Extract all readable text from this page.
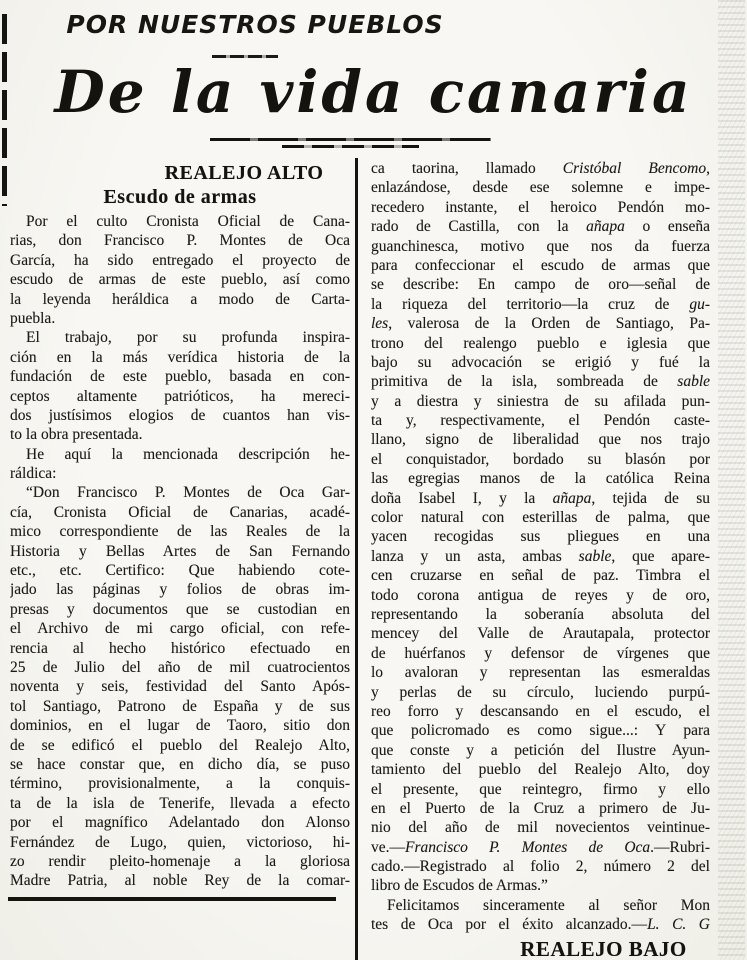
POR NUESTROS PUEBLOS
De la vida canaria
REALEJO ALTO
Escudo de armas
Por el culto Cronista Oficial de Cana-
rias, don Francisco P. Montes de Oca
García, ha sido entregado el proyecto de
escudo de armas de este pueblo, así como
la leyenda heráldica a modo de Carta-
puebla.
El trabajo, por su profunda inspira-
ción en la más verídica historia de la
fundación de este pueblo, basada en con-
ceptos altamente patrióticos, ha mereci-
dos justísimos elogios de cuantos han vis-
to la obra presentada.
He aquí la mencionada descripción he-
ráldica:
“Don Francisco P. Montes de Oca Gar-
cía, Cronista Oficial de Canarias, acadé-
mico correspondiente de las Reales de la
Historia y Bellas Artes de San Fernando
etc., etc. Certifico: Que habiendo cote-
jado las páginas y folios de obras im-
presas y documentos que se custodian en
el Archivo de mi cargo oficial, con refe-
rencia al hecho histórico efectuado en
25 de Julio del año de mil cuatrocientos
noventa y seis, festividad del Santo Após-
tol Santiago, Patrono de España y de sus
dominios, en el lugar de Taoro, sitio don
de se edificó el pueblo del Realejo Alto,
se hace constar que, en dicho día, se puso
término, provisionalmente, a la conquis-
ta de la isla de Tenerife, llevada a efecto
por el magnífico Adelantado don Alonso
Fernández de Lugo, quien, victorioso, hi-
zo rendir pleito-homenaje a la gloriosa
Madre Patria, al noble Rey de la comar-
ca taorina, llamado Cristóbal Bencomo,
enlazándose, desde ese solemne e impe-
recedero instante, el heroico Pendón mo-
rado de Castilla, con la añapa o enseña
guanchinesca, motivo que nos da fuerza
para confeccionar el escudo de armas que
se describe: En campo de oro—señal de
la riqueza del territorio—la cruz de gu-
les, valerosa de la Orden de Santiago, Pa-
trono del realengo pueblo e iglesia que
bajo su advocación se erigió y fué la
primitiva de la isla, sombreada de sable
y a diestra y siniestra de su afilada pun-
ta y, respectivamente, el Pendón caste-
llano, signo de liberalidad que nos trajo
el conquistador, bordado su blasón por
las egregias manos de la católica Reina
doña Isabel I, y la añapa, tejida de su
color natural con esterillas de palma, que
yacen recogidas sus pliegues en una
lanza y un asta, ambas sable, que apare-
cen cruzarse en señal de paz. Timbra el
todo corona antigua de reyes y de oro,
representando la soberanía absoluta del
mencey del Valle de Arautapala, protector
de huérfanos y defensor de vírgenes que
lo avaloran y representan las esmeraldas
y perlas de su círculo, luciendo purpú-
reo forro y descansando en el escudo, el
que policromado es como sigue...: Y para
que conste y a petición del Ilustre Ayun-
tamiento del pueblo del Realejo Alto, doy
el presente, que reintegro, firmo y ello
en el Puerto de la Cruz a primero de Ju-
nio del año de mil novecientos veintinue-
ve.—Francisco P. Montes de Oca.—Rubri-
cado.—Registrado al folio 2, número 2 del
libro de Escudos de Armas.”
Felicitamos sinceramente al señor Mon
tes de Oca por el éxito alcanzado.—L. C. G
REALEJO BAJO
